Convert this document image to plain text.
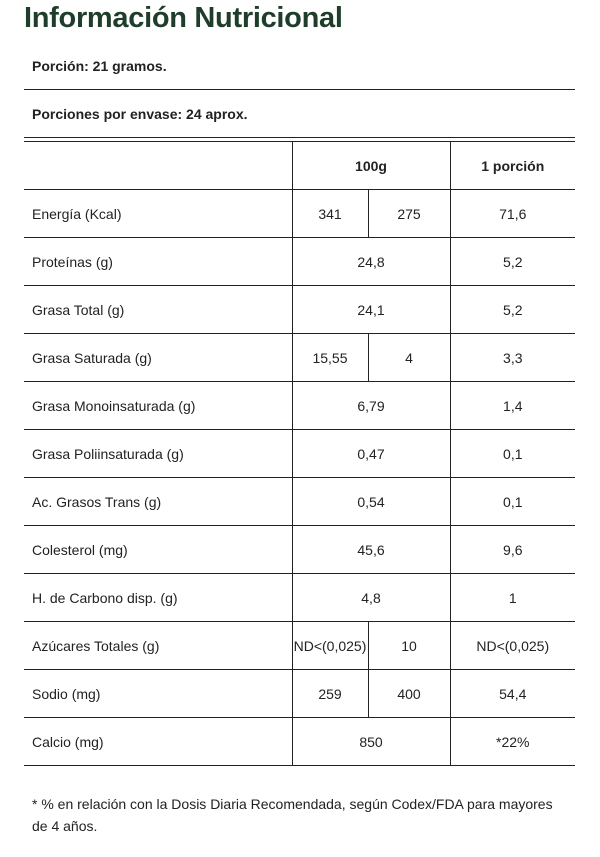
Información Nutricional
Porción: 21 gramos.
Porciones por envase: 24 aprox.
	100g		1 porción
Energía (Kcal)	341	275	71,6
Proteínas (g)	24,8		5,2
Grasa Total (g)	24,1		5,2
Grasa Saturada (g)	15,55	4	3,3
Grasa Monoinsaturada (g)	6,79		1,4
Grasa Poliinsaturada (g)	0,47		0,1
Ac. Grasos Trans (g)	0,54		0,1
Colesterol (mg)	45,6		9,6
H. de Carbono disp. (g)	4,8		1
Azúcares Totales (g)	ND<(0,025)	10	ND<(0,025)
Sodio (mg)	259	400	54,4
Calcio (mg)	850		*22%
* % en relación con la Dosis Diaria Recomendada, según Codex/FDA para mayores de 4 años.
